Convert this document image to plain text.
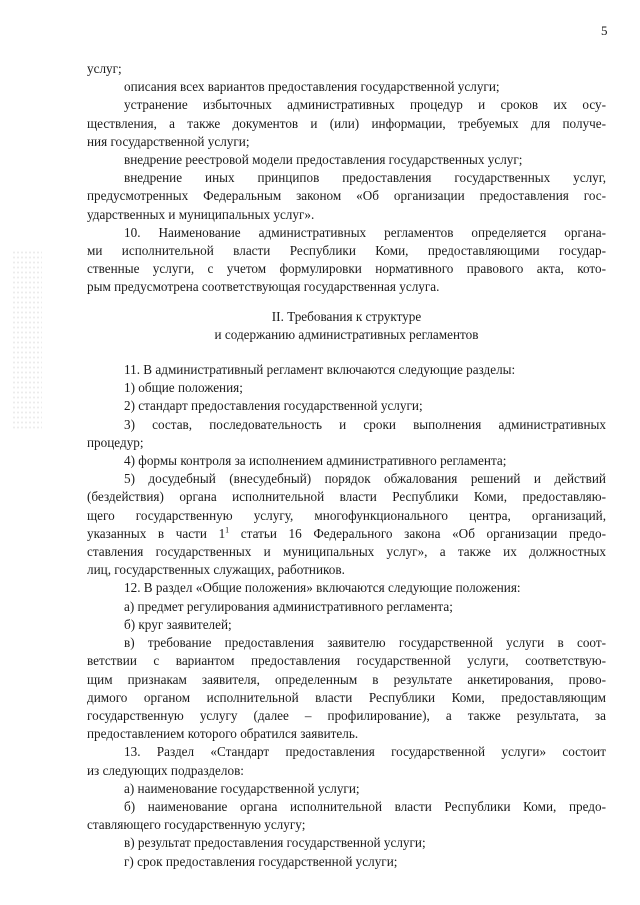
5
услуг;
описания всех вариантов предоставления государственной услуги;
устранение избыточных административных процедур и сроков их осу-
ществления, а также документов и (или) информации, требуемых для получе-
ния государственной услуги;
внедрение реестровой модели предоставления государственных услуг;
внедрение иных принципов предоставления государственных услуг,
предусмотренных Федеральным законом «Об организации предоставления гос-
ударственных и муниципальных услуг».
10. Наименование административных регламентов определяется органа-
ми исполнительной власти Республики Коми, предоставляющими государ-
ственные услуги, с учетом формулировки нормативного правового акта, кото-
рым предусмотрена соответствующая государственная услуга.
II. Требования к структуре
и содержанию административных регламентов
11. В административный регламент включаются следующие разделы:
1) общие положения;
2) стандарт предоставления государственной услуги;
3) состав, последовательность и сроки выполнения административных
процедур;
4) формы контроля за исполнением административного регламента;
5) досудебный (внесудебный) порядок обжалования решений и действий
(бездействия) органа исполнительной власти Республики Коми, предоставляю-
щего государственную услугу, многофункционального центра, организаций,
указанных в части $1^1$ статьи 16 Федерального закона «Об организации предо-
ставления государственных и муниципальных услуг», а также их должностных
лиц, государственных служащих, работников.
12. В раздел «Общие положения» включаются следующие положения:
а) предмет регулирования административного регламента;
б) круг заявителей;
в) требование предоставления заявителю государственной услуги в соот-
ветствии с вариантом предоставления государственной услуги, соответствую-
щим признакам заявителя, определенным в результате анкетирования, прово-
димого органом исполнительной власти Республики Коми, предоставляющим
государственную услугу (далее – профилирование), а также результата, за
предоставлением которого обратился заявитель.
13. Раздел «Стандарт предоставления государственной услуги» состоит
из следующих подразделов:
а) наименование государственной услуги;
б) наименование органа исполнительной власти Республики Коми, предо-
ставляющего государственную услугу;
в) результат предоставления государственной услуги;
г) срок предоставления государственной услуги;
